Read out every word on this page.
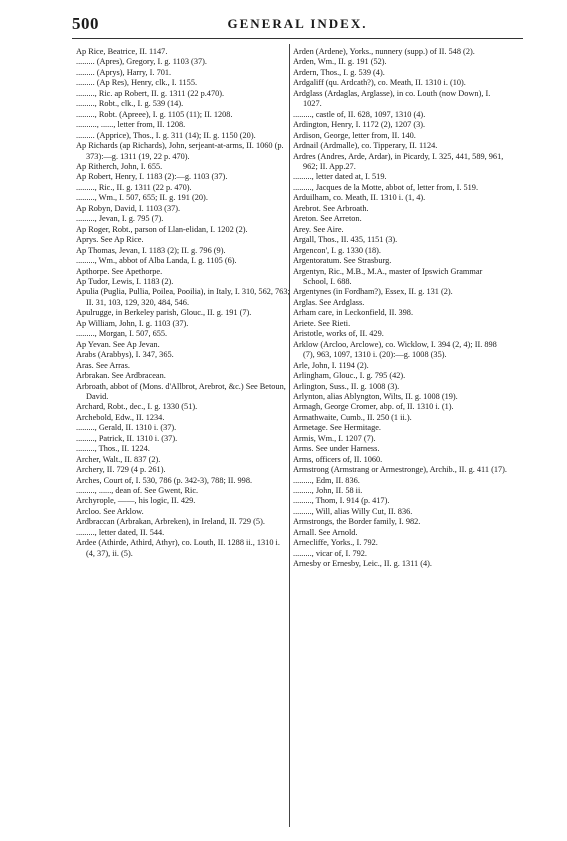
500	GENERAL INDEX.

Ap Rice, Beatrice, II. 1147.

......... (Apres), Gregory, I. g. 1103 (37).

......... (Aprys), Harry, I. 701.

......... (Ap Res), Henry, clk., I. 1155.

........., Ric. ap Robert, II. g. 1311 (22 p.470).

........., Robt., clk., I. g. 539 (14).

........., Robt. (Apreee), I. g. 1105 (11); II. 1208.

.........., ......, letter from, II. 1208.

......... (Apprice), Thos., I. g. 311 (14); II. g. 1150 (20).

Ap Richards (ap Richards), John, serjeant-at-arms, II. 1060 (p. 373):—g. 1311 (19, 22 p. 470).

Ap Ritherch, John, I. 655.

Ap Robert, Henry, I. 1183 (2):—g. 1103 (37).

........., Ric., II. g. 1311 (22 p. 470).

........., Wm., I. 507, 655; II. g. 191 (20).

Ap Robyn, David, I. 1103 (37).

........., Jevan, I. g. 795 (7).

Ap Roger, Robt., parson of Llan-elidan, I. 1202 (2).

Aprys. See Ap Rice.

Ap Thomas, Jevan, I. 1183 (2); II. g. 796 (9).

........., Wm., abbot of Alba Landa, I. g. 1105 (6).

Apthorpe. See Apethorpe.

Ap Tudor, Lewis, I. 1183 (2).

Apulia (Puglia, Pullia, Poilea, Pooilia), in Italy, I. 310, 562, 763; II. 31, 103, 129, 320, 484, 546.

Apulrugge, in Berkeley parish, Glouc., II. g. 191 (7).

Ap William, John, I. g. 1103 (37).

........., Morgan, I. 507, 655.

Ap Yevan. See Ap Jevan.

Arabs (Arabbys), I. 347, 365.

Aras. See Arras.

Arbrakan. See Ardbracean.

Arbroath, abbot of (Mons. d'Allbrot, Arebrot, &c.) See Betoun, David.

Archard, Robt., dec., I. g. 1330 (51).

Archebold, Edw., II. 1234.

........., Gerald, II. 1310 i. (37).

........., Patrick, II. 1310 i. (37).

........., Thos., II. 1224.

Archer, Walt., II. 837 (2).

Archery, II. 729 (4 p. 261).

Arches, Court of, I. 530, 786 (p. 342-3), 788; II. 998.

........., ......, dean of. See Gwent, Ric.

Archyrople, ——, his logic, II. 429.

Arcloo. See Arklow.

Ardbraccan (Arbrakan, Arbreken), in Ireland, II. 729 (5).

........., letter dated, II. 544.

Ardee (Athirde, Athird, Athyr), co. Louth, II. 1288 ii., 1310 i. (4, 37), ii. (5).

Arden (Ardene), Yorks., nunnery (supp.) of II. 548 (2).

Arden, Wm., II. g. 191 (52).

Ardern, Thos., I. g. 539 (4).

Ardgaliff (qu. Ardcath?), co. Meath, II. 1310 i. (10).

Ardglass (Ardaglas, Arglasse), in co. Louth (now Down), I. 1027.

........., castle of, II. 628, 1097, 1310 (4).

Ardington, Henry, I. 1172 (2), 1207 (3).

Ardison, George, letter from, II. 140.

Ardnail (Ardmalle), co. Tipperary, II. 1124.

Ardres (Andres, Arde, Ardar), in Picardy, I. 325, 441, 589, 961, 962; II. App.27.

........., letter dated at, I. 519.

........., Jacques de la Motte, abbot of, letter from, I. 519.

Arduilham, co. Meath, II. 1310 i. (1, 4).

Arebrot. See Arbroath.

Areton. See Arreton.

Arey. See Aire.

Argall, Thos., II. 435, 1151 (3).

Argencon', I. g. 1330 (18).

Argentoratum. See Strasburg.

Argentyn, Ric., M.B., M.A., master of Ipswich Grammar School, I. 688.

Argentynes (in Fordham?), Essex, II. g. 131 (2).

Arglas. See Ardglass.

Arham care, in Leckonfield, II. 398.

Ariete. See Rieti.

Aristotle, works of, II. 429.

Arklow (Arcloo, Arclowe), co. Wicklow, I. 394 (2, 4); II. 898 (7), 963, 1097, 1310 i. (20):—g. 1008 (35).

Arle, John, I. 1194 (2).

Arlingham, Glouc., I. g. 795 (42).

Arlington, Suss., II. g. 1008 (3).

Arlynton, alias Ablyngton, Wilts, II. g. 1008 (19).

Armagh, George Cromer, abp. of, II. 1310 i. (1).

Armathwaite, Cumb., II. 250 (1 ii.).

Armetage. See Hermitage.

Armis, Wm., I. 1207 (7).

Arms. See under Harness.

Arms, officers of, II. 1060.

Armstrong (Armstrang or Armestronge), Archib., II. g. 411 (17).

........., Edm, II. 836.

........., John, II. 58 ii.

........., Thom, I. 914 (p. 417).

........., Will, alias Willy Cut, II. 836.

Armstrongs, the Border family, I. 982.

Arnall. See Arnold.

Arnecliffe, Yorks., I. 792.

........., vicar of, I. 792.

Arnesby or Ernesby, Leic., II. g. 1311 (4).
